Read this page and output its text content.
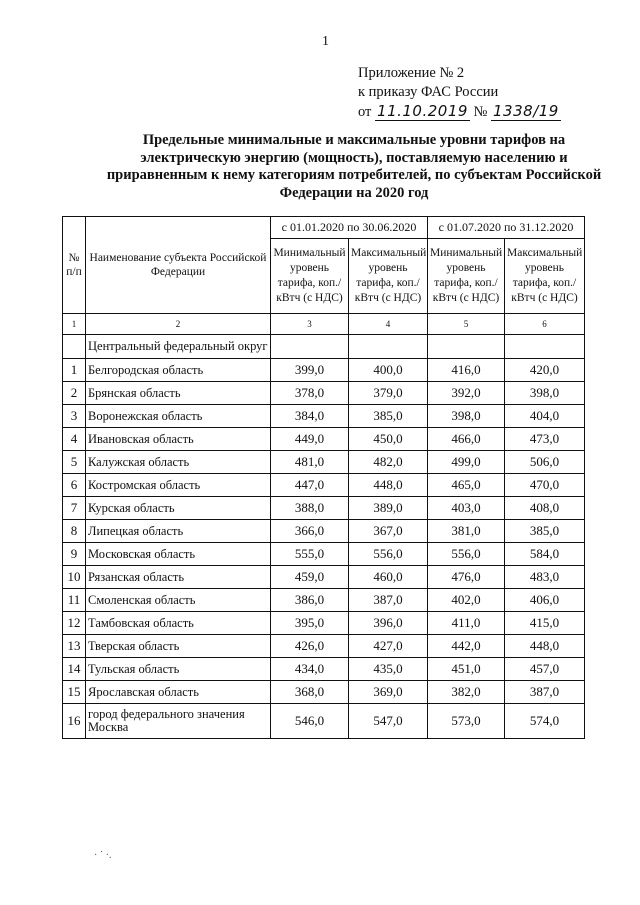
1
Приложение № 2
к приказу ФАС России
от 11.10.2019 № 1338/19
Предельные минимальные и максимальные уровни тарифов на электрическую энергию (мощность), поставляемую населению и приравненным к нему категориям потребителей, по субъектам Российской Федерации на 2020 год
№ п/п	Наименование субъекта Российской Федерации	с 01.01.2020 по 30.06.2020		с 01.07.2020 по 31.12.2020	
		Минимальный уровень тарифа, коп./кВтч (с НДС)	Максимальный уровень тарифа, коп./кВтч (с НДС)	Минимальный уровень тарифа, коп./кВтч (с НДС)	Максимальный уровень тарифа, коп./кВтч (с НДС)
1	2	3	4	5	6
	Центральный федеральный округ				
1	Белгородская область	399,0	400,0	416,0	420,0
2	Брянская область	378,0	379,0	392,0	398,0
3	Воронежская область	384,0	385,0	398,0	404,0
4	Ивановская область	449,0	450,0	466,0	473,0
5	Калужская область	481,0	482,0	499,0	506,0
6	Костромская область	447,0	448,0	465,0	470,0
7	Курская область	388,0	389,0	403,0	408,0
8	Липецкая область	366,0	367,0	381,0	385,0
9	Московская область	555,0	556,0	556,0	584,0
10	Рязанская область	459,0	460,0	476,0	483,0
11	Смоленская область	386,0	387,0	402,0	406,0
12	Тамбовская область	395,0	396,0	411,0	415,0
13	Тверская область	426,0	427,0	442,0	448,0
14	Тульская область	434,0	435,0	451,0	457,0
15	Ярославская область	368,0	369,0	382,0	387,0
16	город федерального значения Москва	546,0	547,0	573,0	574,0
· ˙ ·.
